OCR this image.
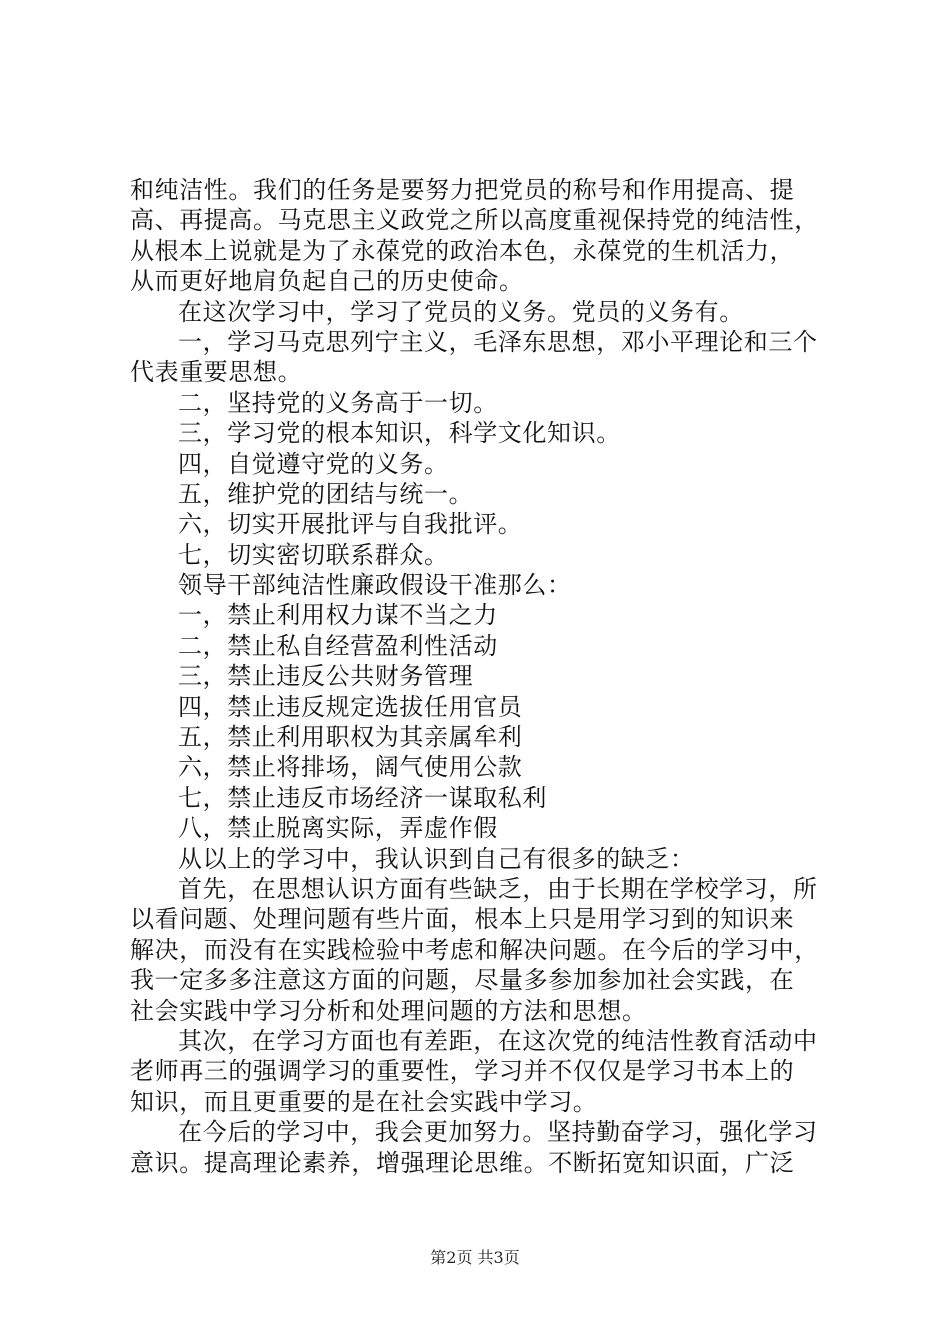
和纯洁性。我们的任务是要努力把党员的称号和作用提高、提
高、再提高。马克思主义政党之所以高度重视保持党的纯洁性，
从根本上说就是为了永葆党的政治本色，永葆党的生机活力，
从而更好地肩负起自己的历史使命。
在这次学习中，学习了党员的义务。党员的义务有。
一，学习马克思列宁主义，毛泽东思想，邓小平理论和三个
代表重要思想。
二，坚持党的义务高于一切。
三，学习党的根本知识，科学文化知识。
四，自觉遵守党的义务。
五，维护党的团结与统一。
六，切实开展批评与自我批评。
七，切实密切联系群众。
领导干部纯洁性廉政假设干准那么：
一，禁止利用权力谋不当之力
二，禁止私自经营盈利性活动
三，禁止违反公共财务管理
四，禁止违反规定选拔任用官员
五，禁止利用职权为其亲属牟利
六，禁止将排场，阔气使用公款
七，禁止违反市场经济一谋取私利
八，禁止脱离实际，弄虚作假
从以上的学习中，我认识到自己有很多的缺乏：
首先，在思想认识方面有些缺乏，由于长期在学校学习，所
以看问题、处理问题有些片面，根本上只是用学习到的知识来
解决，而没有在实践检验中考虑和解决问题。在今后的学习中，
我一定多多注意这方面的问题，尽量多参加参加社会实践，在
社会实践中学习分析和处理问题的方法和思想。
其次，在学习方面也有差距，在这次党的纯洁性教育活动中
老师再三的强调学习的重要性，学习并不仅仅是学习书本上的
知识，而且更重要的是在社会实践中学习。
在今后的学习中，我会更加努力。坚持勤奋学习，强化学习
意识。提高理论素养，增强理论思维。不断拓宽知识面，广泛
第2页 共3页
